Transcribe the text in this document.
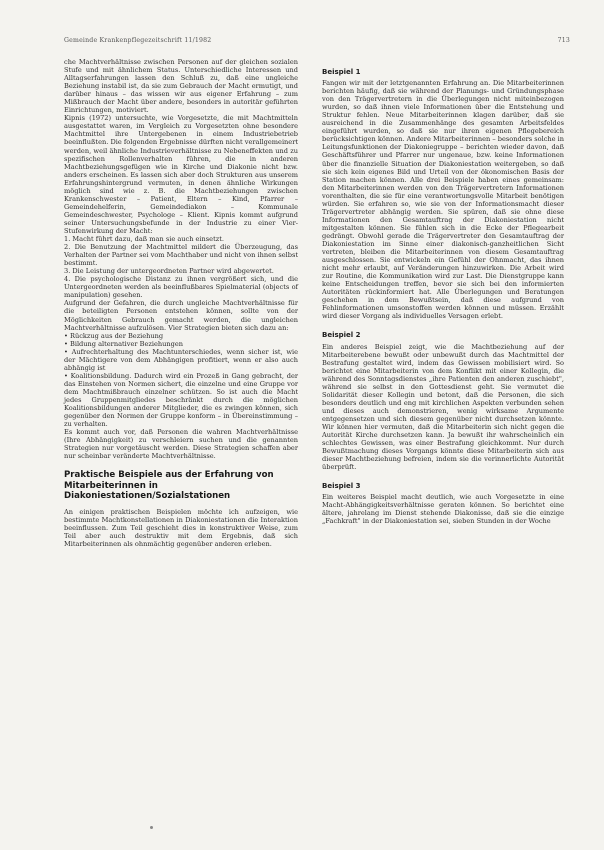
Gemeinde Krankenpflegezeitschrift 11/1982	713

che Machtverhältnisse zwischen Personen auf der gleichen sozialen Stufe und mit ähnlichem Status. Unterschiedliche Interessen und Alltagserfahrungen lassen den Schluß zu, daß eine ungleiche Beziehung instabil ist, da sie zum Gebrauch der Macht ermutigt, und darüber hinaus – das wissen wir aus eigener Erfahrung – zum Mißbrauch der Macht über andere, besonders in autoritär geführten Einrichtungen, motiviert.

Kipnis (1972) untersuchte, wie Vorgesetzte, die mit Machtmitteln ausgestattet waren, im Vergleich zu Vorgesetzten ohne besondere Machtmittel ihre Untergebenen in einem Industriebetrieb beeinflußten. Die folgenden Ergebnisse dürften nicht verallgemeinert werden, weil ähnliche Industrieverhältnisse zu Nebeneffekten und zu spezifischen Rollenverhalten führen, die in anderen Machtbeziehungsgefügen wie in Kirche und Diakonie nicht bzw. anders erscheinen. Es lassen sich aber doch Strukturen aus unserem Erfahrungshintergrund vermuten, in denen ähnliche Wirkungen möglich sind wie z. B. die Machtbeziehungen zwischen Krankenschwester – Patient, Eltern – Kind, Pfarrer – Gemeindehelferin, Gemeindediakon – Kommunale Gemeindeschwester, Psychologe – Klient. Kipnis kommt aufgrund seiner Untersuchungsbefunde in der Industrie zu einer Vier-Stufenwirkung der Macht:

1. Macht führt dazu, daß man sie auch einsetzt.

2. Die Benutzung der Machtmittel mildert die Überzeugung, das Verhalten der Partner sei vom Machthaber und nicht von ihnen selbst bestimmt.

3. Die Leistung der untergeordneten Partner wird abgewertet.

4. Die psychologische Distanz zu ihnen vergrößert sich, und die Untergeordneten werden als beeinflußbares Spielmaterial (objects of manipulation) gesehen.

Aufgrund der Gefahren, die durch ungleiche Machtverhältnisse für die beteiligten Personen entstehen können, sollte von der Möglichkeiten Gebrauch gemacht werden, die ungleichen Machtverhältnisse aufzulösen. Vier Strategien bieten sich dazu an:

• Rückzug aus der Beziehung

• Bildung alternativer Beziehungen

• Aufrechterhaltung des Machtunterschiedes, wenn sicher ist, wie der Mächtigere von dem Abhängigen profitiert, wenn er also auch abhängig ist

• Koalitionsbildung. Dadurch wird ein Prozeß in Gang gebracht, der das Einstehen von Normen sichert, die einzelne und eine Gruppe vor dem Machtmißbrauch einzelner schützen. So ist auch die Macht jedes Gruppenmitgliedes beschränkt durch die möglichen Koalitionsbildungen anderer Mitglieder, die es zwingen können, sich gegenüber den Normen der Gruppe konform – in Übereinstimmung – zu verhalten.

Es kommt auch vor, daß Personen die wahren Machtverhältnisse (Ihre Abhängigkeit) zu verschleiern suchen und die genannten Strategien nur vorgetäuscht werden. Diese Strategien schaffen aber nur scheinbar veränderte Machtverhältnisse.

Praktische Beispiele aus der Erfahrung von Mitarbeiterinnen in Diakoniestationen/Sozialstationen

An einigen praktischen Beispielen möchte ich aufzeigen, wie bestimmte Machtkonstellationen in Diakoniestationen die Interaktion beeinflussen. Zum Teil geschieht dies in konstruktiver Weise, zum Teil aber auch destruktiv mit dem Ergebnis, daß sich Mitarbeiterinnen als ohnmächtig gegenüber anderen erleben.

Beispiel 1

Fangen wir mit der letztgenannten Erfahrung an. Die Mitarbeiterinnen berichten häufig, daß sie während der Planungs- und Gründungsphase von den Trägervertretern in die Überlegungen nicht miteinbezogen wurden, so daß ihnen viele Informationen über die Entstehung und Struktur fehlen. Neue Mitarbeiterinnen klagen darüber, daß sie ausreichend in die Zusammenhänge des gesamten Arbeitsfeldes eingeführt wurden, so daß sie nur ihren eigenen Pflegebereich berücksichtigen können. Andere Mitarbeiterinnen – besonders solche in Leitungsfunktionen der Diakoniegruppe – berichten wieder davon, daß Geschäftsführer und Pfarrer nur ungenaue, bzw. keine Informationen über die finanzielle Situation der Diakoniestation weitergeben, so daß sie sich kein eigenes Bild und Urteil von der ökonomischen Basis der Station machen können. Alle drei Beispiele haben eines gemeinsam: den Mitarbeiterinnen werden von den Trägervertretern Informationen vorenthalten, die sie für eine verantwortungsvolle Mitarbeit benötigen würden. Sie erfahren so, wie sie von der Informationsmacht dieser Trägervertreter abhängig werden. Sie spüren, daß sie ohne diese Informationen den Gesamtauftrag der Diakoniestation nicht mitgestalten können. Sie fühlen sich in die Ecke der Pflegearbeit gedrängt. Obwohl gerade die Trägervertreter den Gesamtauftrag der Diakoniestation im Sinne einer diakonisch-ganzheitlichen Sicht vertreten, bleiben die Mitarbeiterinnen von diesem Gesamtauftrag ausgeschlossen. Sie entwickeln ein Gefühl der Ohnmacht, das ihnen nicht mehr erlaubt, auf Veränderungen hinzuwirken. Die Arbeit wird zur Routine, die Kommunikation wird zur Last. Die Dienstgruppe kann keine Entscheidungen treffen, bevor sie sich bei den informierten Autoritäten rückinformiert hat. Alle Überlegungen und Beratungen geschehen in dem Bewußtsein, daß diese aufgrund von Fehlinformationen umsonstoffen werden können und müssen. Erzählt wird dieser Vorgang als individuelles Versagen erlebt.

Beispiel 2

Ein anderes Beispiel zeigt, wie die Machtbeziehung auf der Mitarbeiterebene bewußt oder unbewußt durch das Machtmittel der Bestrafung gestaltet wird, indem das Gewissen mobilisiert wird. So berichtet eine Mitarbeiterin von dem Konflikt mit einer Kollegin, die während des Sonntagsdienstes „ihre Patienten den anderen zuschiebt", während sie selbst in den Gottesdienst geht. Sie vermutet die Solidarität dieser Kollegin und betont, daß die Personen, die sich besonders deutlich und eng mit kirchlichen Aspekten verbunden sehen und dieses auch demonstrieren, wenig wirksame Argumente entgegensetzen und sich diesem gegenüber nicht durchsetzen könnte. Wir können hier vermuten, daß die Mitarbeiterin sich nicht gegen die Autorität Kirche durchsetzen kann. Ja bewußt ihr wahrscheinlich ein schlechtes Gewissen, was einer Bestrafung gleichkommt. Nur durch Bewußtmachung dieses Vorgangs könnte diese Mitarbeiterin sich aus dieser Machtbeziehung befreien, indem sie die verinnerlichte Autorität überprüft.

Beispiel 3

Ein weiteres Beispiel macht deutlich, wie auch Vorgesetzte in eine Macht-Abhängigkeitsverhältnisse geraten können. So berichtet eine ältere, jahrelang im Dienst stehende Diakonisse, daß sie die einzige „Fachkraft" in der Diakoniestation sei, sieben Stunden in der Woche
